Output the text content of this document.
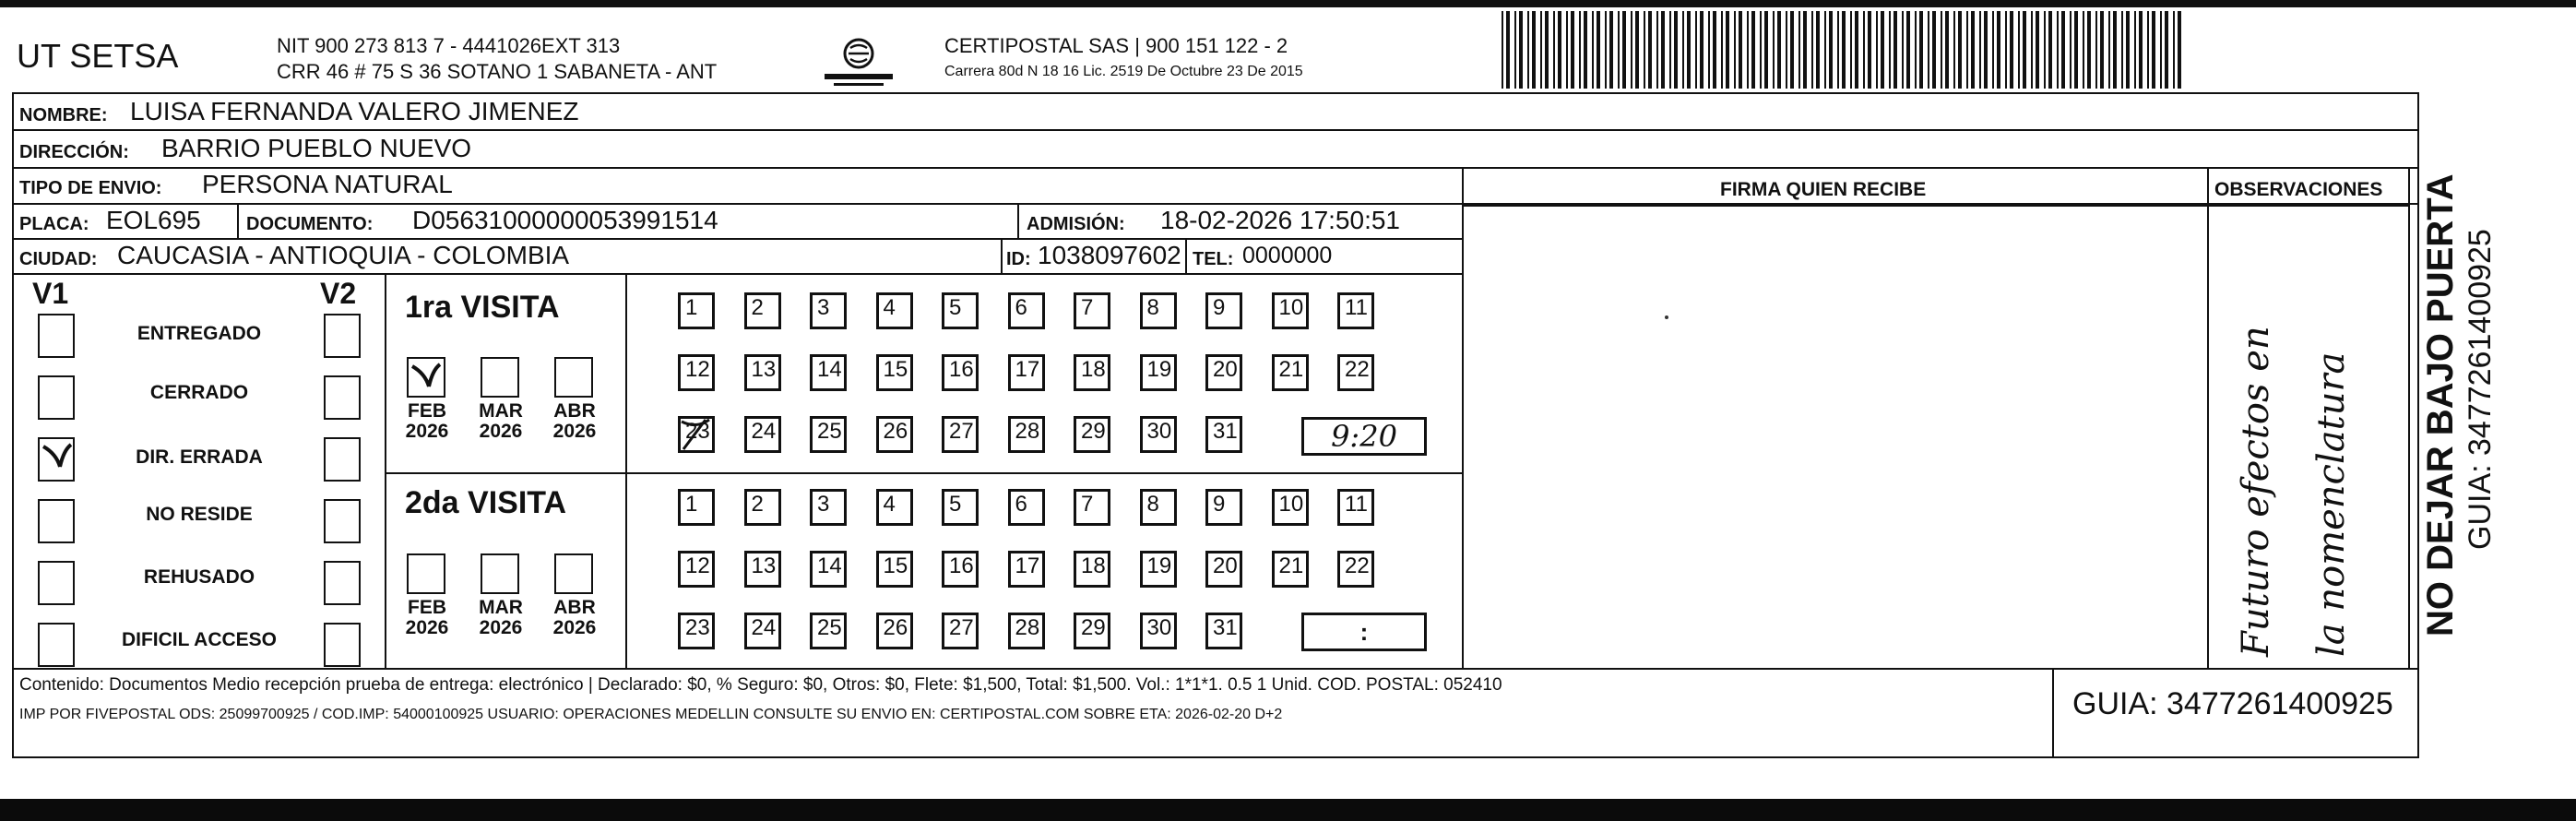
UT SETSA	NIT 900 273 813 7 - 4441026EXT 313
CRR 46 # 75 S 36 SOTANO 1 SABANETA - ANT
CERTIPOSTAL SAS | 900 151 122 - 2
Carrera 80d N 18 16 Lic. 2519 De Octubre 23 De 2015
NOMBRE: LUISA FERNANDA VALERO JIMENEZ
DIRECCIÓN: BARRIO PUEBLO NUEVO
TIPO DE ENVIO: PERSONA NATURAL
PLACA: EOL695 DOCUMENTO: D05631000000053991514	ADMISIÓN: 18-02-2026 17:50:51
CIUDAD: CAUCASIA - ANTIOQUIA - COLOMBIA	ID: 1038097602 TEL: 0000000
FIRMA QUIEN RECIBE	OBSERVACIONES
Futuro efectos en la nomenclatura
V1	V2
ENTREGADO
CERRADO
DIR. ERRADA
NO RESIDE
REHUSADO
DIFICIL ACCESO
1ra VISITA
FEB
2026
MAR
2026
ABR
2026
1	2	3	4	5	6	7	8	9	10	11
12	13	14	15	16	17	18	19	20	21	22
23	24	25	26	27	28	29	30	31	9:20
2da VISITA
FEB
2026
MAR
2026
ABR
2026
1	2	3	4	5	6	7	8	9	10	11
12	13	14	15	16	17	18	19	20	21	22
23	24	25	26	27	28	29	30	31	:
Contenido: Documentos Medio recepción prueba de entrega: electrónico | Declarado: $0, % Seguro: $0, Otros: $0, Flete: $1,500, Total: $1,500. Vol.: 1*1*1. 0.5 1 Unid. COD. POSTAL: 052410
IMP POR FIVEPOSTAL ODS: 25099700925 / COD.IMP: 54000100925 USUARIO: OPERACIONES MEDELLIN CONSULTE SU ENVIO EN: CERTIPOSTAL.COM SOBRE ETA: 2026-02-20 D+2	GUIA: 3477261400925
NO DEJAR BAJO PUERTA GUIA: 3477261400925
